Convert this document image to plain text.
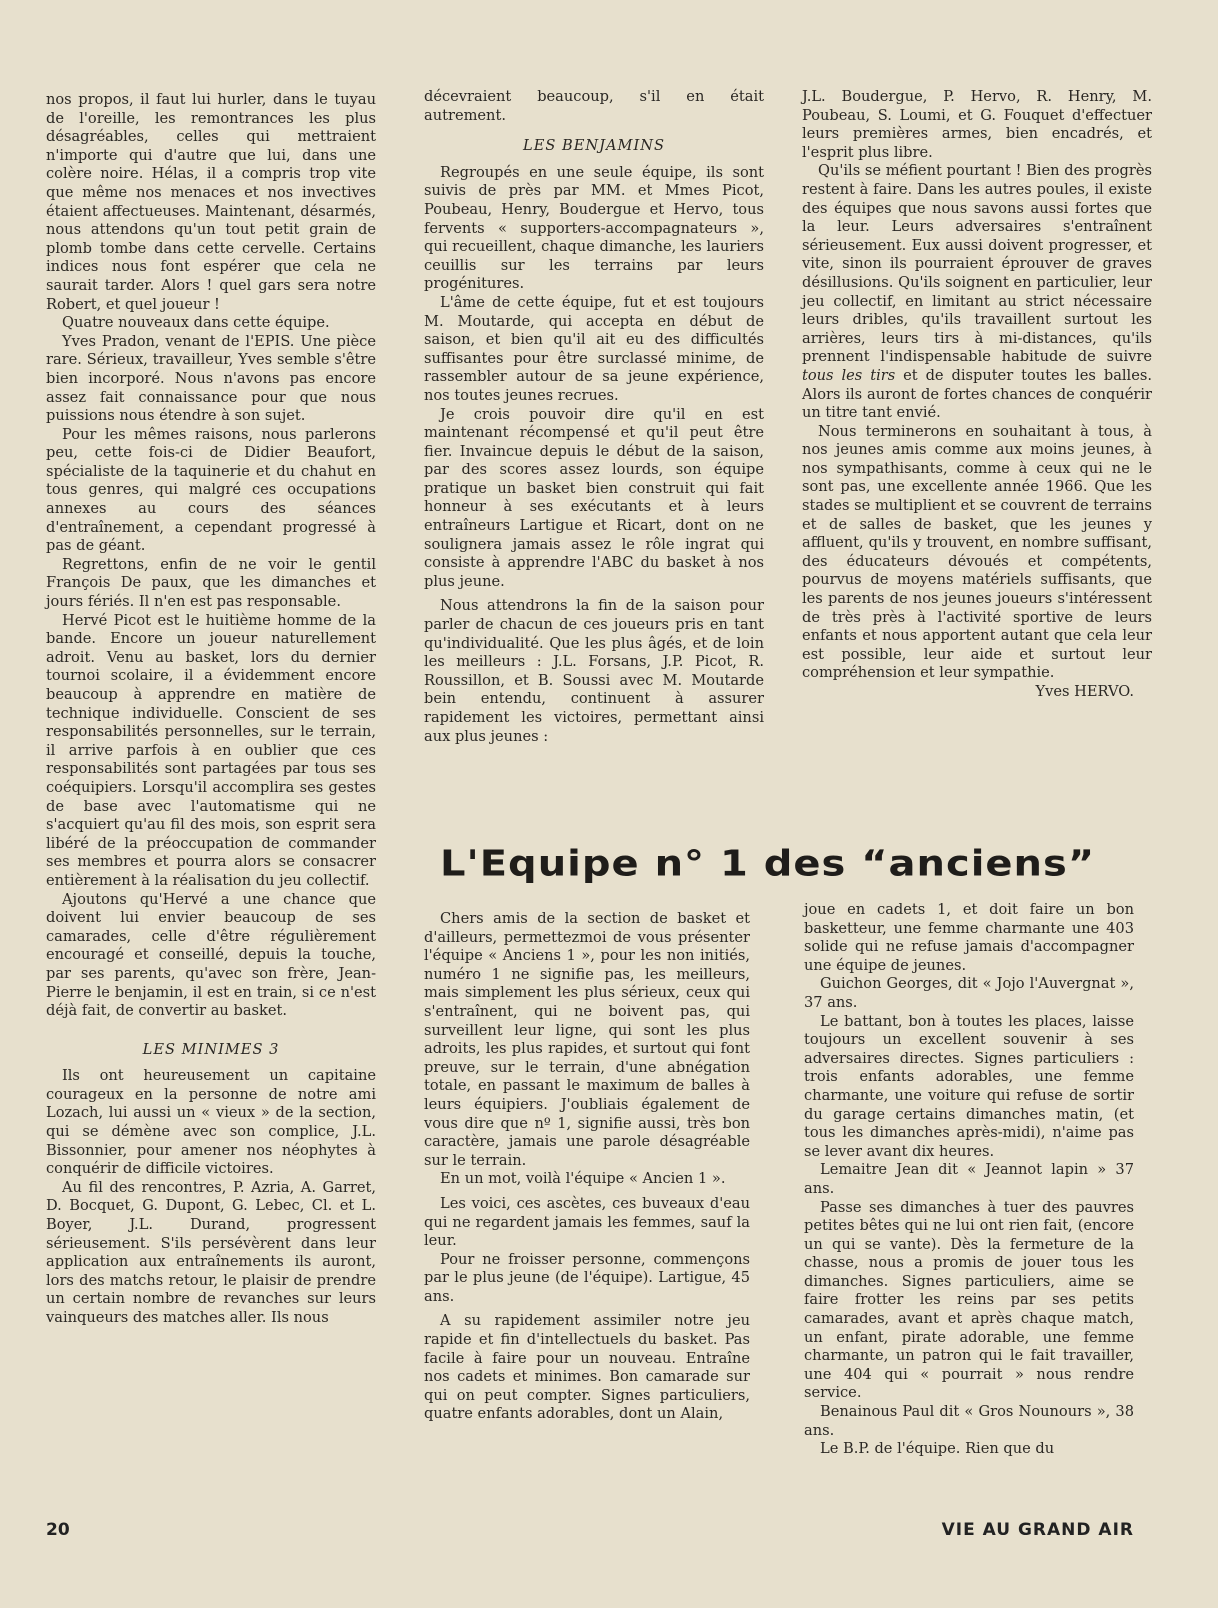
nos propos, il faut lui hurler, dans le tuyau de l'oreille, les remontrances les plus désagréables, celles qui mettraient n'importe qui d'autre que lui, dans une colère noire. Hélas, il a compris trop vite que même nos menaces et nos invectives étaient affectueuses. Maintenant, désarmés, nous attendons qu'un tout petit grain de plomb tombe dans cette cervelle. Certains indices nous font espérer que cela ne saurait tarder. Alors ! quel gars sera notre Robert, et quel joueur !

Quatre nouveaux dans cette équipe.

Yves Pradon, venant de l'EPIS. Une pièce rare. Sérieux, travailleur, Yves semble s'être bien incorporé. Nous n'avons pas encore assez fait connaissance pour que nous puissions nous étendre à son sujet.

Pour les mêmes raisons, nous parlerons peu, cette fois-ci de Didier Beaufort, spécialiste de la taquinerie et du chahut en tous genres, qui malgré ces occupations annexes au cours des séances d'entraînement, a cependant progressé à pas de géant.

Regrettons, enfin de ne voir le gentil François De paux, que les dimanches et jours fériés. Il n'en est pas responsable.

Hervé Picot est le huitième homme de la bande. Encore un joueur naturellement adroit. Venu au basket, lors du dernier tournoi scolaire, il a évidemment encore beaucoup à apprendre en matière de technique individuelle. Conscient de ses responsabilités personnelles, sur le terrain, il arrive parfois à en oublier que ces responsabilités sont partagées par tous ses coéquipiers. Lorsqu'il accomplira ses gestes de base avec l'automatisme qui ne s'acquiert qu'au fil des mois, son esprit sera libéré de la préoccupation de commander ses membres et pourra alors se consacrer entièrement à la réalisation du jeu collectif.

Ajoutons qu'Hervé a une chance que doivent lui envier beaucoup de ses camarades, celle d'être régulièrement encouragé et conseillé, depuis la touche, par ses parents, qu'avec son frère, Jean-Pierre le benjamin, il est en train, si ce n'est déjà fait, de convertir au basket.

LES MINIMES 3

Ils ont heureusement un capitaine courageux en la personne de notre ami Lozach, lui aussi un « vieux » de la section, qui se démène avec son complice, J.L. Bissonnier, pour amener nos néophytes à conquérir de difficile victoires.

Au fil des rencontres, P. Azria, A. Garret, D. Bocquet, G. Dupont, G. Lebec, Cl. et L. Boyer, J.L. Durand, progressent sérieusement. S'ils persévèrent dans leur application aux entraînements ils auront, lors des matchs retour, le plaisir de prendre un certain nombre de revanches sur leurs vainqueurs des matches aller. Ils nous

décevraient beaucoup, s'il en était autrement.

LES BENJAMINS

Regroupés en une seule équipe, ils sont suivis de près par MM. et Mmes Picot, Poubeau, Henry, Boudergue et Hervo, tous fervents « supporters-accompagnateurs », qui recueillent, chaque dimanche, les lauriers ceuillis sur les terrains par leurs progénitures.

L'âme de cette équipe, fut et est toujours M. Moutarde, qui accepta en début de saison, et bien qu'il ait eu des difficultés suffisantes pour être surclassé minime, de rassembler autour de sa jeune expérience, nos toutes jeunes recrues.

Je crois pouvoir dire qu'il en est maintenant récompensé et qu'il peut être fier. Invaincue depuis le début de la saison, par des scores assez lourds, son équipe pratique un basket bien construit qui fait honneur à ses exécutants et à leurs entraîneurs Lartigue et Ricart, dont on ne soulignera jamais assez le rôle ingrat qui consiste à apprendre l'ABC du basket à nos plus jeune.

Nous attendrons la fin de la saison pour parler de chacun de ces joueurs pris en tant qu'individualité. Que les plus âgés, et de loin les meilleurs : J.L. Forsans, J.P. Picot, R. Roussillon, et B. Soussi avec M. Moutarde bein entendu, continuent à assurer rapidement les victoires, permettant ainsi aux plus jeunes :

J.L. Boudergue, P. Hervo, R. Henry, M. Poubeau, S. Loumi, et G. Fouquet d'effectuer leurs premières armes, bien encadrés, et l'esprit plus libre.

Qu'ils se méfient pourtant ! Bien des progrès restent à faire. Dans les autres poules, il existe des équipes que nous savons aussi fortes que la leur. Leurs adversaires s'entraînent sérieusement. Eux aussi doivent progresser, et vite, sinon ils pourraient éprouver de graves désillusions. Qu'ils soignent en particulier, leur jeu collectif, en limitant au strict nécessaire leurs dribles, qu'ils travaillent surtout les arrières, leurs tirs à mi-distances, qu'ils prennent l'indispensable habitude de suivre tous les tirs et de disputer toutes les balles. Alors ils auront de fortes chances de conquérir un titre tant envié.

Nous terminerons en souhaitant à tous, à nos jeunes amis comme aux moins jeunes, à nos sympathisants, comme à ceux qui ne le sont pas, une excellente année 1966. Que les stades se multiplient et se couvrent de terrains et de salles de basket, que les jeunes y affluent, qu'ils y trouvent, en nombre suffisant, des éducateurs dévoués et compétents, pourvus de moyens matériels suffisants, que les parents de nos jeunes joueurs s'intéressent de très près à l'activité sportive de leurs enfants et nous apportent autant que cela leur est possible, leur aide et surtout leur compréhension et leur sympathie.

Yves HERVO.

L'Equipe n° 1 des “anciens”

Chers amis de la section de basket et d'ailleurs, permettezmoi de vous présenter l'équipe « Anciens 1 », pour les non initiés, numéro 1 ne signifie pas, les meilleurs, mais simplement les plus sérieux, ceux qui s'entraînent, qui ne boivent pas, qui surveillent leur ligne, qui sont les plus adroits, les plus rapides, et surtout qui font preuve, sur le terrain, d'une abnégation totale, en passant le maximum de balles à leurs équipiers. J'oubliais également de vous dire que nº 1, signifie aussi, très bon caractère, jamais une parole désagréable sur le terrain.

En un mot, voilà l'équipe « Ancien 1 ».

Les voici, ces ascètes, ces buveaux d'eau qui ne regardent jamais les femmes, sauf la leur.

Pour ne froisser personne, commençons par le plus jeune (de l'équipe). Lartigue, 45 ans.

A su rapidement assimiler notre jeu rapide et fin d'intellectuels du basket. Pas facile à faire pour un nouveau. Entraîne nos cadets et minimes. Bon camarade sur qui on peut compter. Signes particuliers, quatre enfants adorables, dont un Alain,

joue en cadets 1, et doit faire un bon basketteur, une femme charmante une 403 solide qui ne refuse jamais d'accompagner une équipe de jeunes.

Guichon Georges, dit « Jojo l'Auvergnat », 37 ans.

Le battant, bon à toutes les places, laisse toujours un excellent souvenir à ses adversaires directes. Signes particuliers : trois enfants adorables, une femme charmante, une voiture qui refuse de sortir du garage certains dimanches matin, (et tous les dimanches après-midi), n'aime pas se lever avant dix heures.

Lemaitre Jean dit « Jeannot lapin » 37 ans.

Passe ses dimanches à tuer des pauvres petites bêtes qui ne lui ont rien fait, (encore un qui se vante). Dès la fermeture de la chasse, nous a promis de jouer tous les dimanches. Signes particuliers, aime se faire frotter les reins par ses petits camarades, avant et après chaque match, un enfant, pirate adorable, une femme charmante, un patron qui le fait travailler, une 404 qui « pourrait » nous rendre service.

Benainous Paul dit « Gros Nounours », 38 ans.

Le B.P. de l'équipe. Rien que du

20	VIE AU GRAND AIR
